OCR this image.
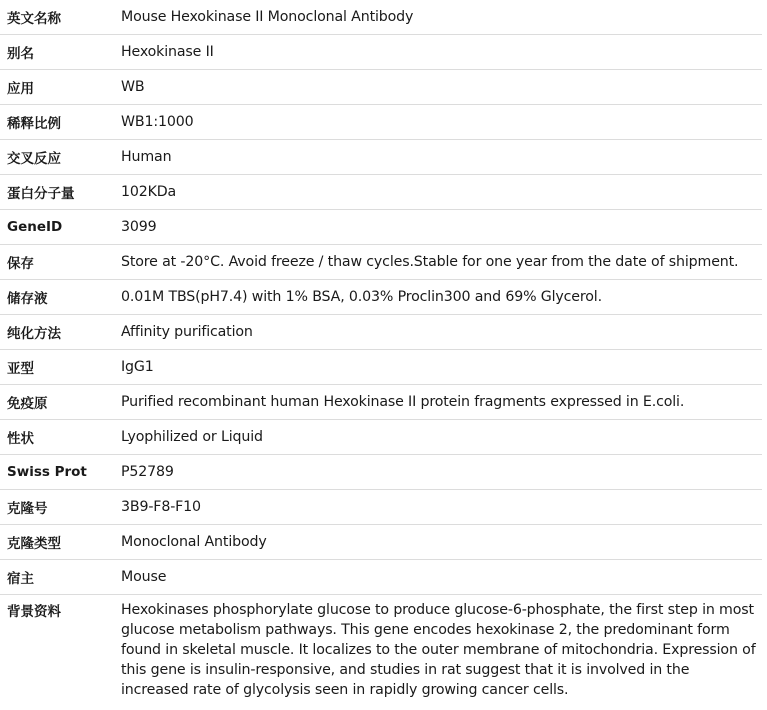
英文名称	Mouse Hexokinase II Monoclonal Antibody
别名	Hexokinase II
应用	WB
稀释比例	WB1:1000
交叉反应	Human
蛋白分子量	102KDa
GeneID	3099
保存	Store at -20°C. Avoid freeze / thaw cycles.Stable for one year from the date of shipment.
储存液	0.01M TBS(pH7.4) with 1% BSA, 0.03% Proclin300 and 69% Glycerol.
纯化方法	Affinity purification
亚型	IgG1
免疫原	Purified recombinant human Hexokinase II protein fragments expressed in E.coli.
性状	Lyophilized or Liquid
Swiss Prot	P52789
克隆号	3B9-F8-F10
克隆类型	Monoclonal Antibody
宿主	Mouse
背景资料	Hexokinases phosphorylate glucose to produce glucose-6-phosphate, the first step in most glucose metabolism pathways. This gene encodes hexokinase 2, the predominant form found in skeletal muscle. It localizes to the outer membrane of mitochondria. Expression of this gene is insulin-responsive, and studies in rat suggest that it is involved in the increased rate of glycolysis seen in rapidly growing cancer cells.
